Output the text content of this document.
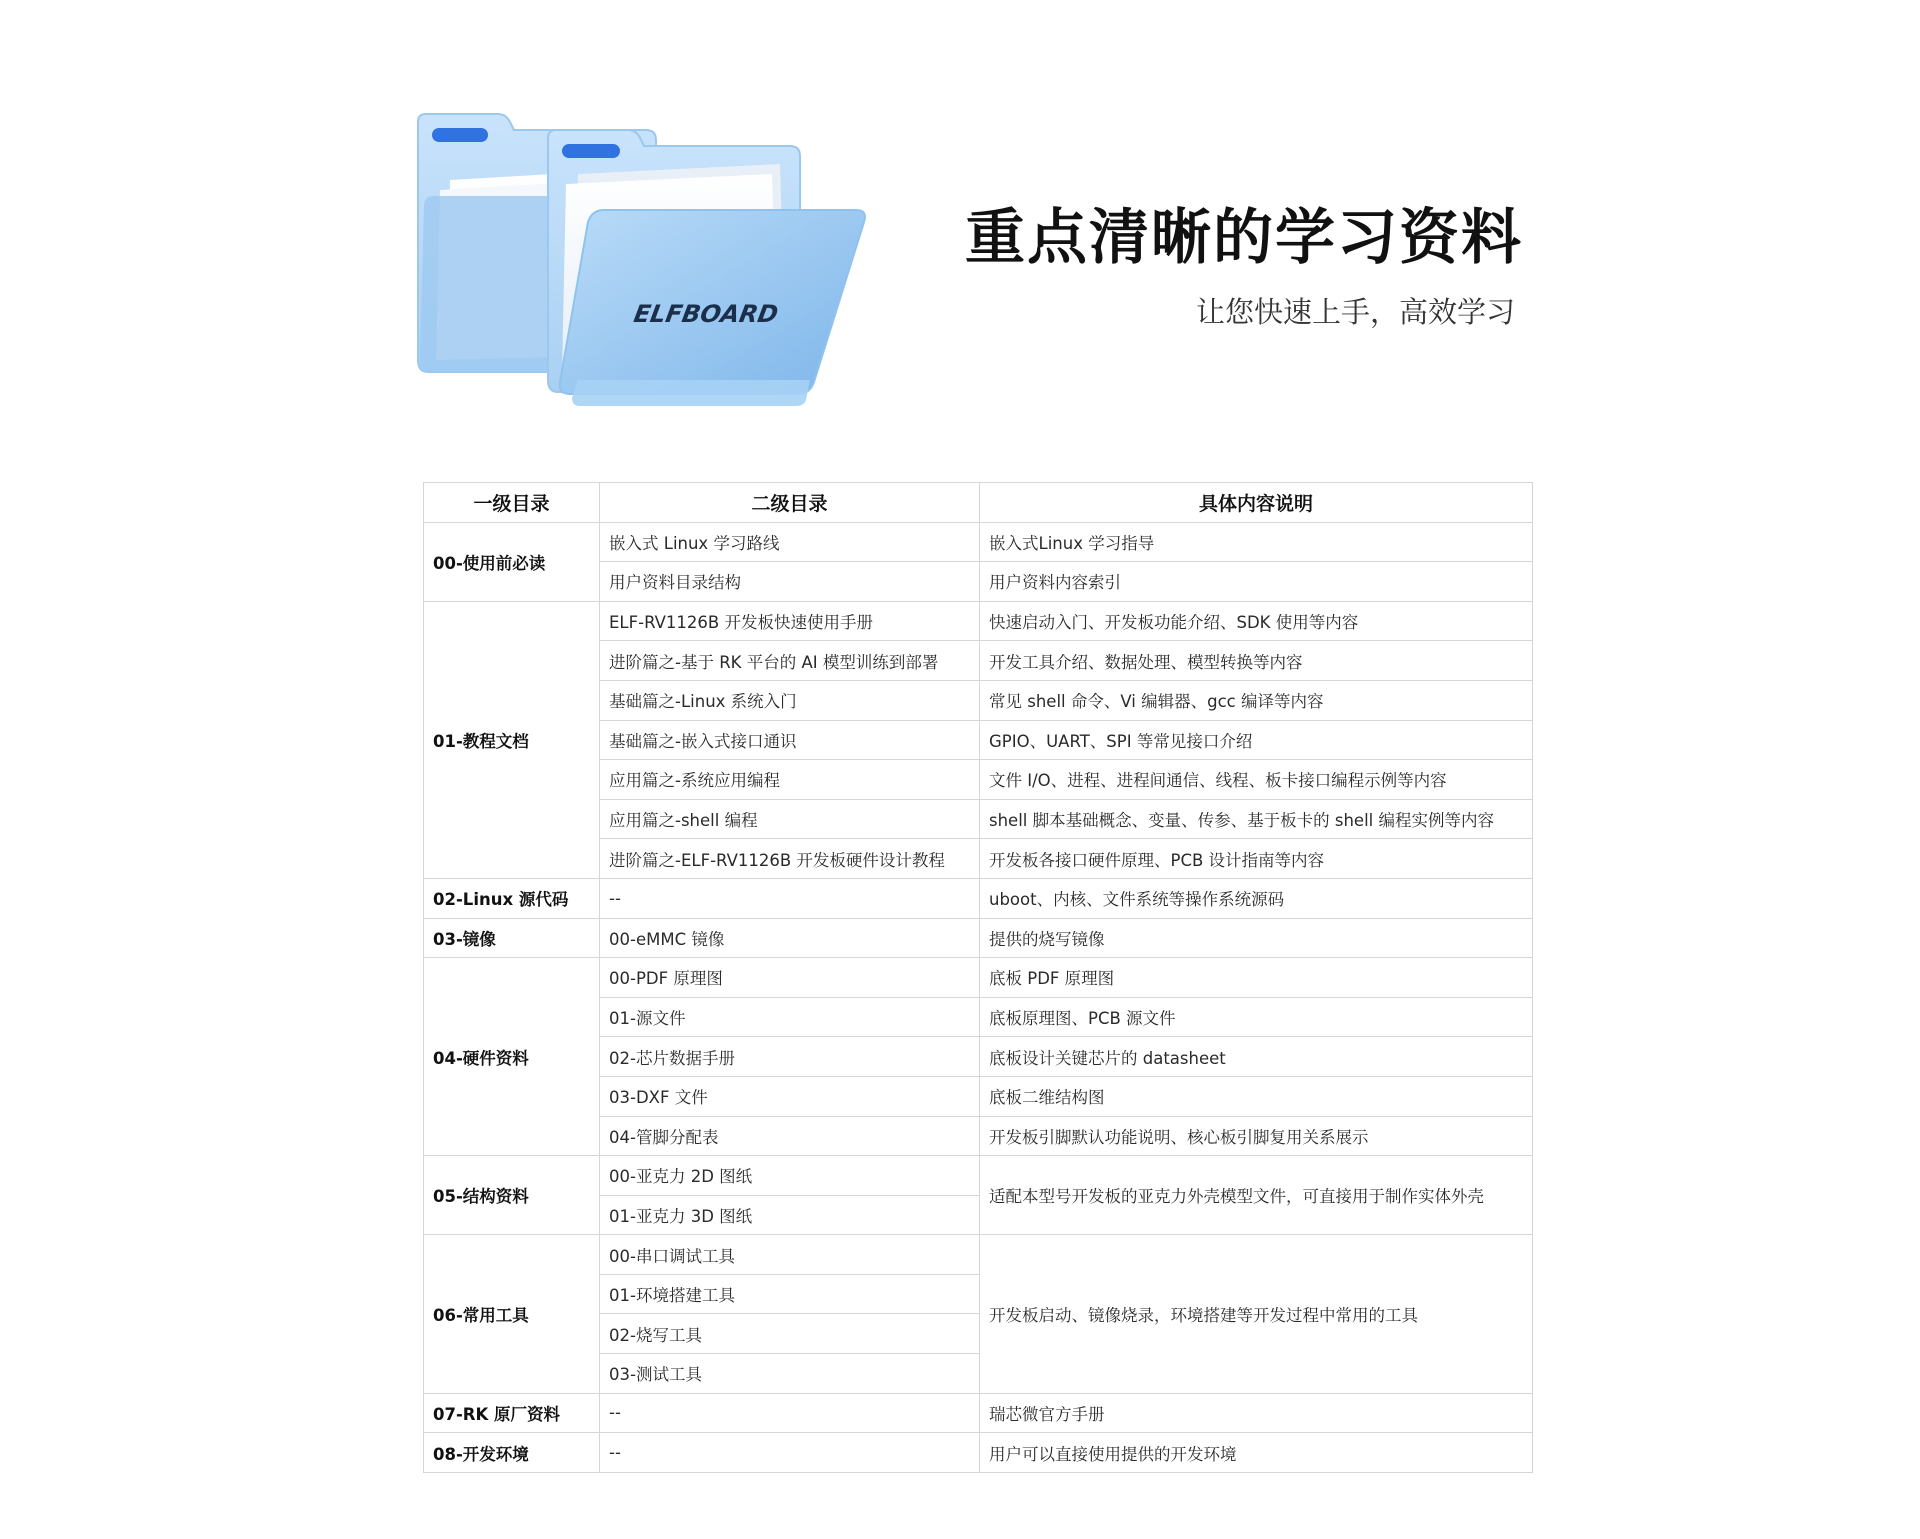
ELFBOARD
重点清晰的学习资料

让您快速上手，高效学习

一级目录	二级目录	具体内容说明
00-使用前必读	嵌入式 Linux 学习路线	嵌入式Linux 学习指导
	用户资料目录结构	用户资料内容索引
01-教程文档	ELF-RV1126B 开发板快速使用手册	快速启动入门、开发板功能介绍、SDK 使用等内容
	进阶篇之-基于 RK 平台的 AI 模型训练到部署	开发工具介绍、数据处理、模型转换等内容
	基础篇之-Linux 系统入门	常见 shell 命令、Vi 编辑器、gcc 编译等内容
	基础篇之-嵌入式接口通识	GPIO、UART、SPI 等常见接口介绍
	应用篇之-系统应用编程	文件 I/O、进程、进程间通信、线程、板卡接口编程示例等内容
	应用篇之-shell 编程	shell 脚本基础概念、变量、传参、基于板卡的 shell 编程实例等内容
	进阶篇之-ELF-RV1126B 开发板硬件设计教程	开发板各接口硬件原理、PCB 设计指南等内容
02-Linux 源代码	--	uboot、内核、文件系统等操作系统源码
03-镜像	00-eMMC 镜像	提供的烧写镜像
04-硬件资料	00-PDF 原理图	底板 PDF 原理图
	01-源文件	底板原理图、PCB 源文件
	02-芯片数据手册	底板设计关键芯片的 datasheet
	03-DXF 文件	底板二维结构图
	04-管脚分配表	开发板引脚默认功能说明、核心板引脚复用关系展示
05-结构资料	00-亚克力 2D 图纸	适配本型号开发板的亚克力外壳模型文件，可直接用于制作实体外壳
	01-亚克力 3D 图纸	
06-常用工具	00-串口调试工具	开发板启动、镜像烧录，环境搭建等开发过程中常用的工具
	01-环境搭建工具	
	02-烧写工具	
	03-测试工具	
07-RK 原厂资料	--	瑞芯微官方手册
08-开发环境	--	用户可以直接使用提供的开发环境
